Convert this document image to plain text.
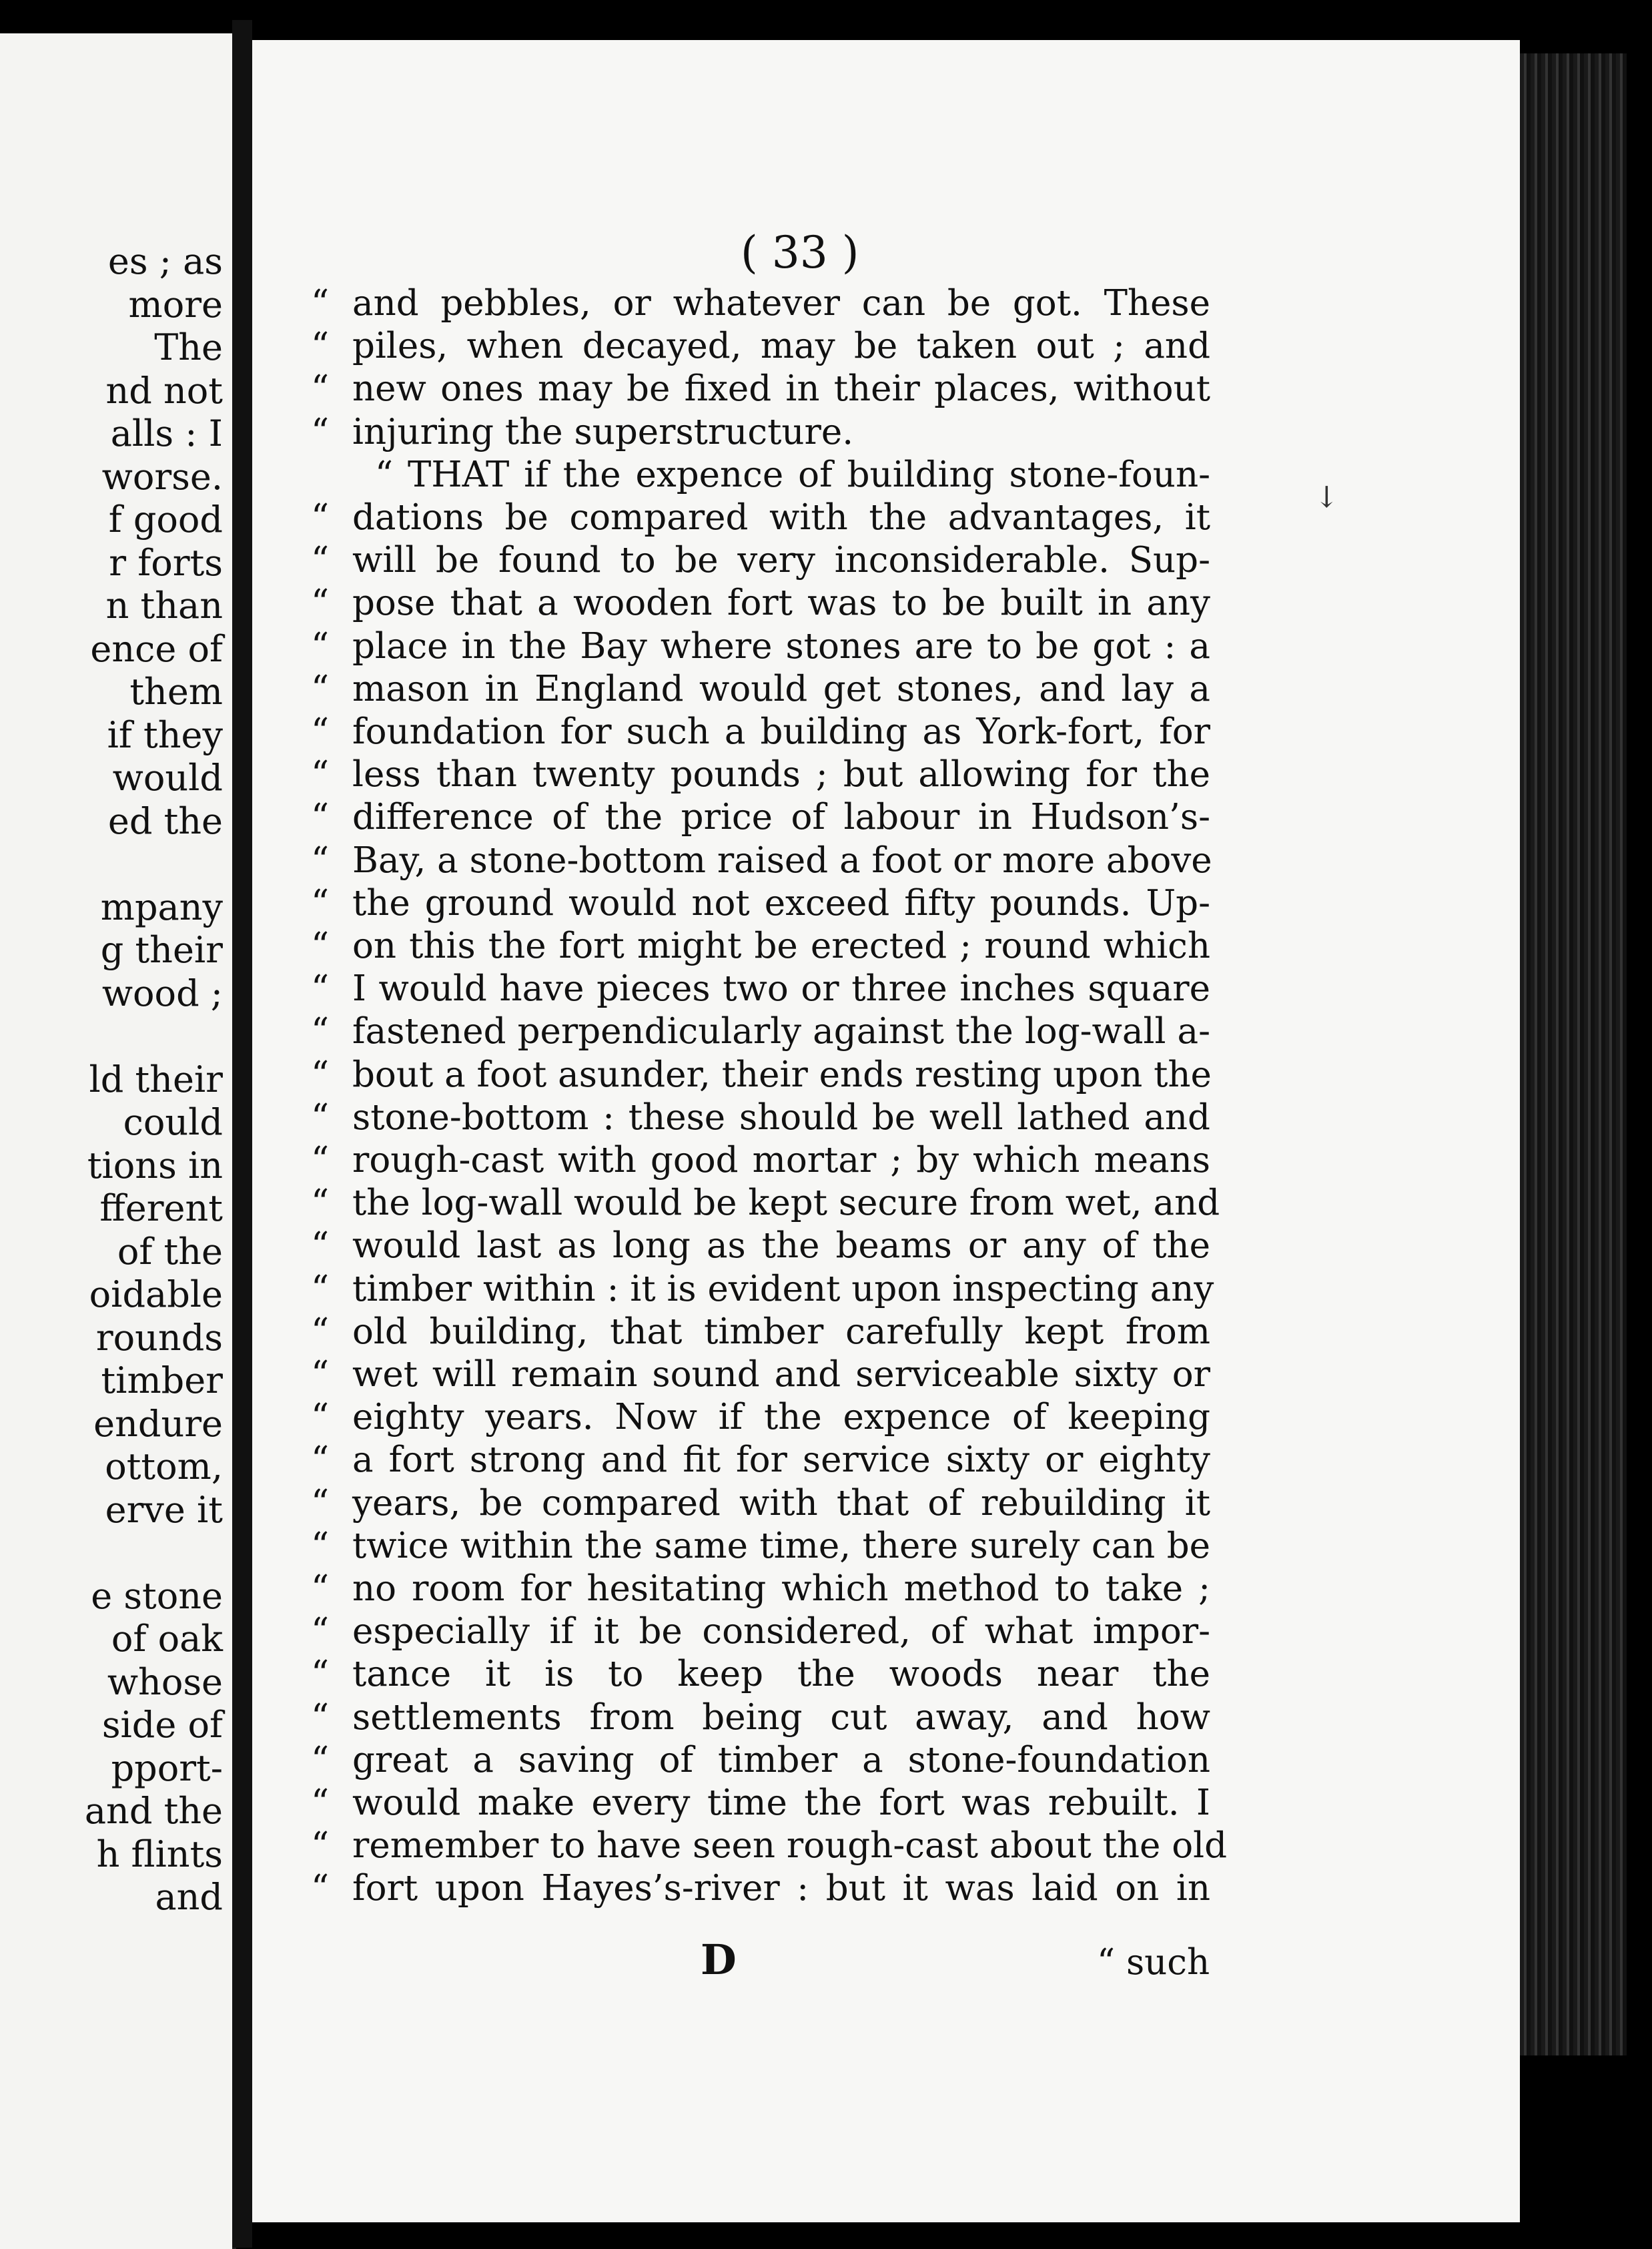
es ; as
more
The
nd not
alls : I
worse.
f good
r forts
n than
ence of
them
if they
would
ed the
mpany
g their
wood ;
ld their
could
tions in
fferent
of the
oidable
rounds
timber
endure
ottom,
erve it
e stone
of oak
whose
side of
pport-
and the
h flints
and
( 33 )
↓
“ and pebbles, or whatever can be got. These
“ piles, when decayed, may be taken out ; and
“ new ones may be fixed in their places, without
“ injuring the superstructure.
“ THAT if the expence of building stone-foun-
“ dations be compared with the advantages, it
“ will be found to be very inconsiderable. Sup-
“ pose that a wooden fort was to be built in any
“ place in the Bay where stones are to be got : a
“ mason in England would get stones, and lay a
“ foundation for such a building as York-fort, for
“ less than twenty pounds ; but allowing for the
“ difference of the price of labour in Hudson’s-
“ Bay, a stone-bottom raised a foot or more above
“ the ground would not exceed fifty pounds. Up-
“ on this the fort might be erected ; round which
“ I would have pieces two or three inches square
“ fastened perpendicularly against the log-wall a-
“ bout a foot asunder, their ends resting upon the
“ stone-bottom : these should be well lathed and
“ rough-cast with good mortar ; by which means
“ the log-wall would be kept secure from wet, and
“ would last as long as the beams or any of the
“ timber within : it is evident upon inspecting any
“ old building, that timber carefully kept from
“ wet will remain sound and serviceable sixty or
“ eighty years. Now if the expence of keeping
“ a fort strong and fit for service sixty or eighty
“ years, be compared with that of rebuilding it
“ twice within the same time, there surely can be
“ no room for hesitating which method to take ;
“ especially if it be considered, of what impor-
“ tance it is to keep the woods near the
“ settlements from being cut away, and how
“ great a saving of timber a stone-foundation
“ would make every time the fort was rebuilt. I
“ remember to have seen rough-cast about the old
“ fort upon Hayes’s-river : but it was laid on in
D	“ such
